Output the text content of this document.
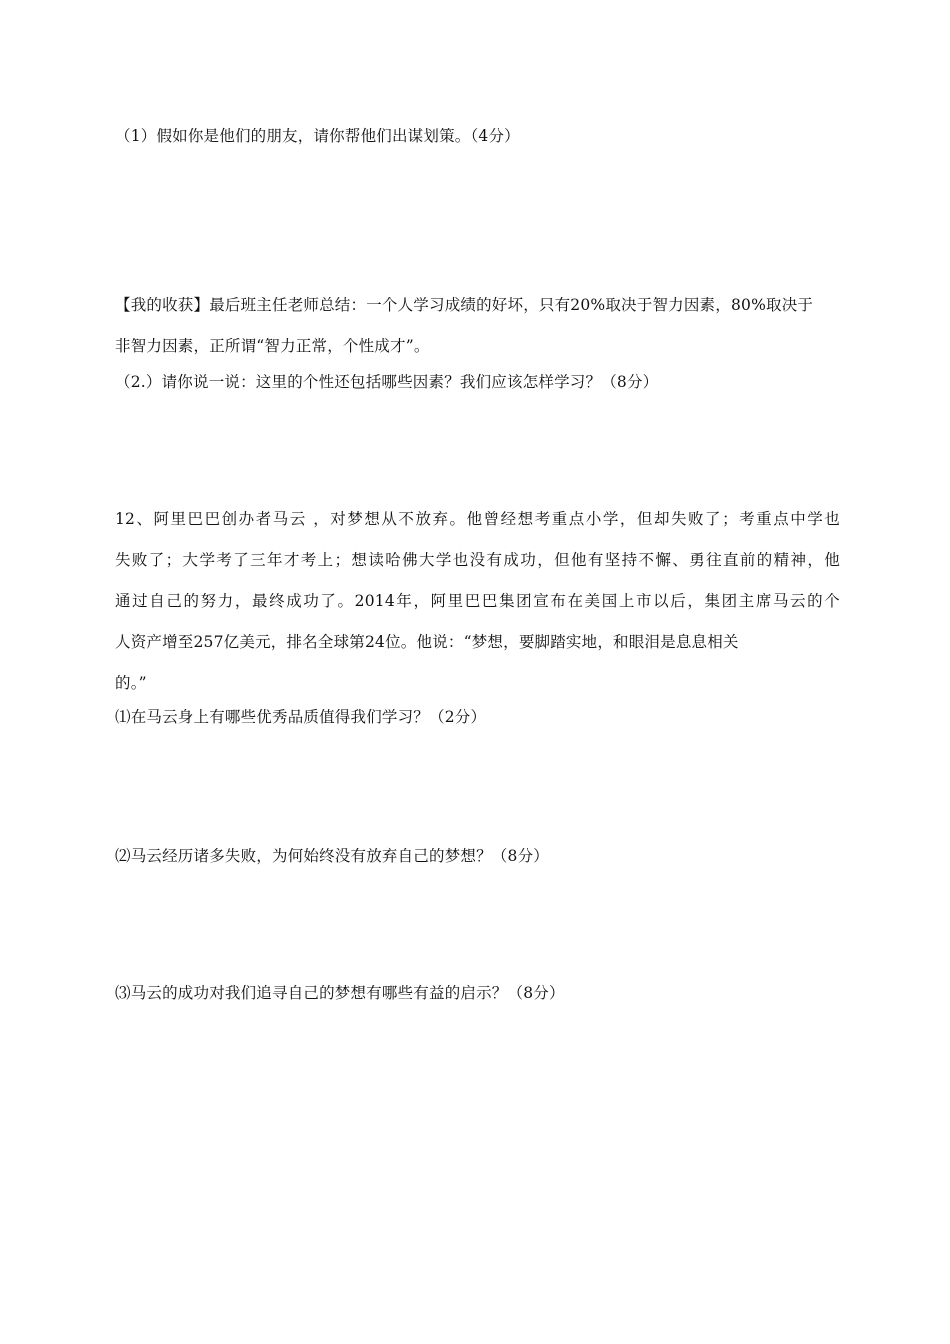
（1）假如你是他们的朋友，请你帮他们出谋划策。（4分）
【我的收获】最后班主任老师总结：一个人学习成绩的好坏，只有20%取决于智力因素，80%取决于
非智力因素，正所谓“智力正常，个性成才”。
（2.）请你说一说：这里的个性还包括哪些因素？我们应该怎样学习？（8分）
12、阿里巴巴创办者马云 ，对梦想从不放弃。他曾经想考重点小学，但却失败了；考重点中学也
失败了；大学考了三年才考上；想读哈佛大学也没有成功，但他有坚持不懈、勇往直前的精神，他
通过自己的努力，最终成功了。2014年，阿里巴巴集团宣布在美国上市以后，集团主席马云的个
人资产增至257亿美元，排名全球第24位。他说：“梦想，要脚踏实地，和眼泪是息息相关
的。”
⑴在马云身上有哪些优秀品质值得我们学习？（2分）
⑵马云经历诸多失败，为何始终没有放弃自己的梦想？（8分）
⑶马云的成功对我们追寻自己的梦想有哪些有益的启示？（8分）
